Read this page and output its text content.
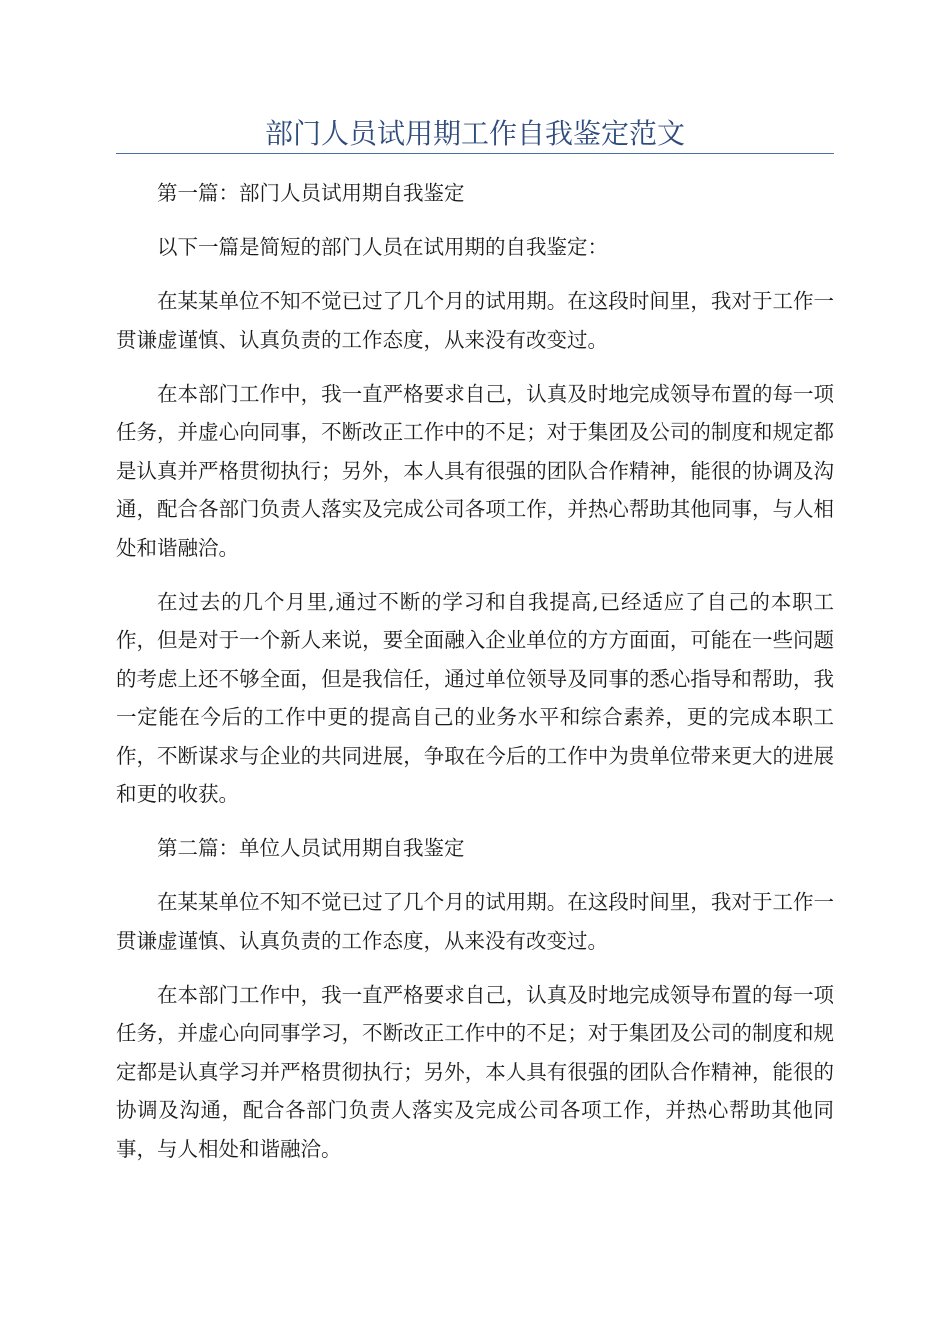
部门人员试用期工作自我鉴定范文

第一篇：部门人员试用期自我鉴定

以下一篇是简短的部门人员在试用期的自我鉴定：

在某某单位不知不觉已过了几个月的试用期。在这段时间里，我对于工作一贯谦虚谨慎、认真负责的工作态度，从来没有改变过。

在本部门工作中，我一直严格要求自己，认真及时地完成领导布置的每一项任务，并虚心向同事，不断改正工作中的不足；对于集团及公司的制度和规定都是认真并严格贯彻执行；另外，本人具有很强的团队合作精神，能很的协调及沟通，配合各部门负责人落实及完成公司各项工作，并热心帮助其他同事，与人相处和谐融洽。

在过去的几个月里,通过不断的学习和自我提高,已经适应了自己的本职工作，但是对于一个新人来说，要全面融入企业单位的方方面面，可能在一些问题的考虑上还不够全面，但是我信任，通过单位领导及同事的悉心指导和帮助，我一定能在今后的工作中更的提高自己的业务水平和综合素养，更的完成本职工作，不断谋求与企业的共同进展，争取在今后的工作中为贵单位带来更大的进展和更的收获。

第二篇：单位人员试用期自我鉴定

在某某单位不知不觉已过了几个月的试用期。在这段时间里，我对于工作一贯谦虚谨慎、认真负责的工作态度，从来没有改变过。

在本部门工作中，我一直严格要求自己，认真及时地完成领导布置的每一项任务，并虚心向同事学习，不断改正工作中的不足；对于集团及公司的制度和规定都是认真学习并严格贯彻执行；另外，本人具有很强的团队合作精神，能很的协调及沟通，配合各部门负责人落实及完成公司各项工作，并热心帮助其他同事，与人相处和谐融洽。
